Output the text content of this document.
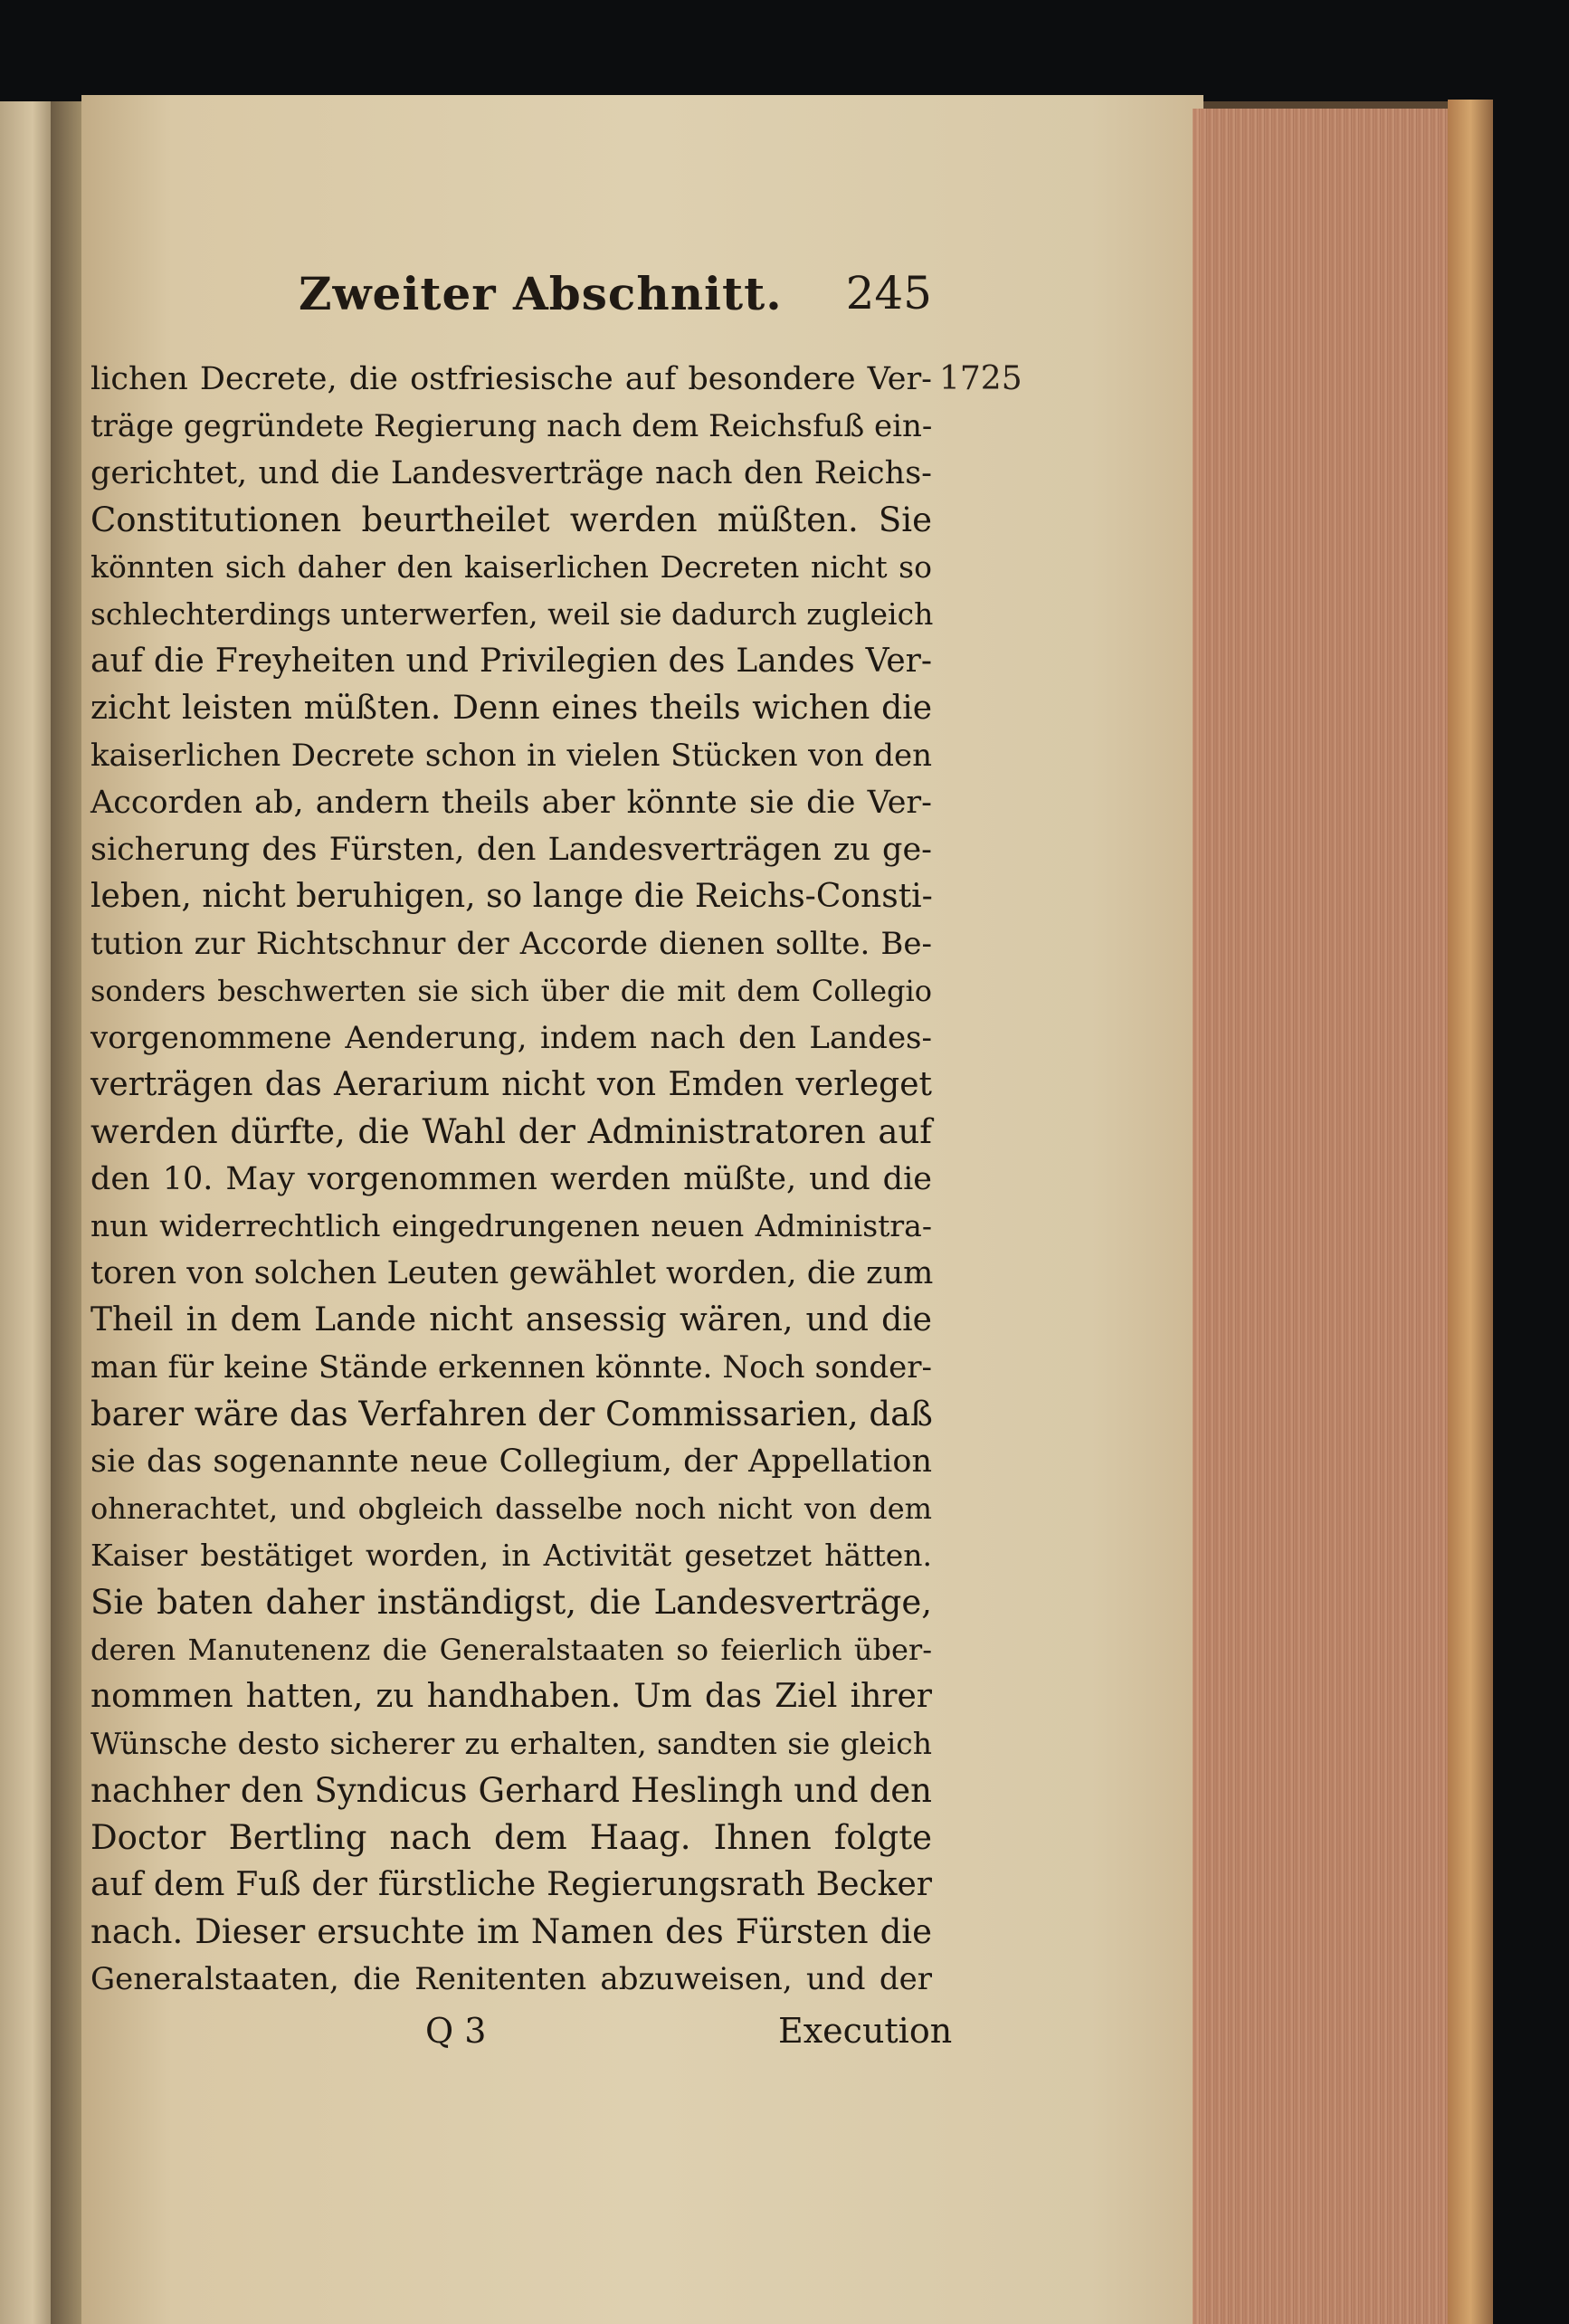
Zweiter Abschnitt. 245
1725
lichen Decrete, die ostfriesische auf besondere Ver-
träge gegründete Regierung nach dem Reichsfuß ein-
gerichtet, und die Landesverträge nach den Reichs-
Constitutionen beurtheilet werden müßten. Sie
könnten sich daher den kaiserlichen Decreten nicht so
schlechterdings unterwerfen, weil sie dadurch zugleich
auf die Freyheiten und Privilegien des Landes Ver-
zicht leisten müßten. Denn eines theils wichen die
kaiserlichen Decrete schon in vielen Stücken von den
Accorden ab, andern theils aber könnte sie die Ver-
sicherung des Fürsten, den Landesverträgen zu ge-
leben, nicht beruhigen, so lange die Reichs-Consti-
tution zur Richtschnur der Accorde dienen sollte. Be-
sonders beschwerten sie sich über die mit dem Collegio
vorgenommene Aenderung, indem nach den Landes-
verträgen das Aerarium nicht von Emden verleget
werden dürfte, die Wahl der Administratoren auf
den 10. May vorgenommen werden müßte, und die
nun widerrechtlich eingedrungenen neuen Administra-
toren von solchen Leuten gewählet worden, die zum
Theil in dem Lande nicht ansessig wären, und die
man für keine Stände erkennen könnte. Noch sonder-
barer wäre das Verfahren der Commissarien, daß
sie das sogenannte neue Collegium, der Appellation
ohnerachtet, und obgleich dasselbe noch nicht von dem
Kaiser bestätiget worden, in Activität gesetzet hätten.
Sie baten daher inständigst, die Landesverträge,
deren Manutenenz die Generalstaaten so feierlich über-
nommen hatten, zu handhaben. Um das Ziel ihrer
Wünsche desto sicherer zu erhalten, sandten sie gleich
nachher den Syndicus Gerhard Heslingh und den
Doctor Bertling nach dem Haag. Ihnen folgte
auf dem Fuß der fürstliche Regierungsrath Becker
nach. Dieser ersuchte im Namen des Fürsten die
Generalstaaten, die Renitenten abzuweisen, und der
Q 3	Execution
